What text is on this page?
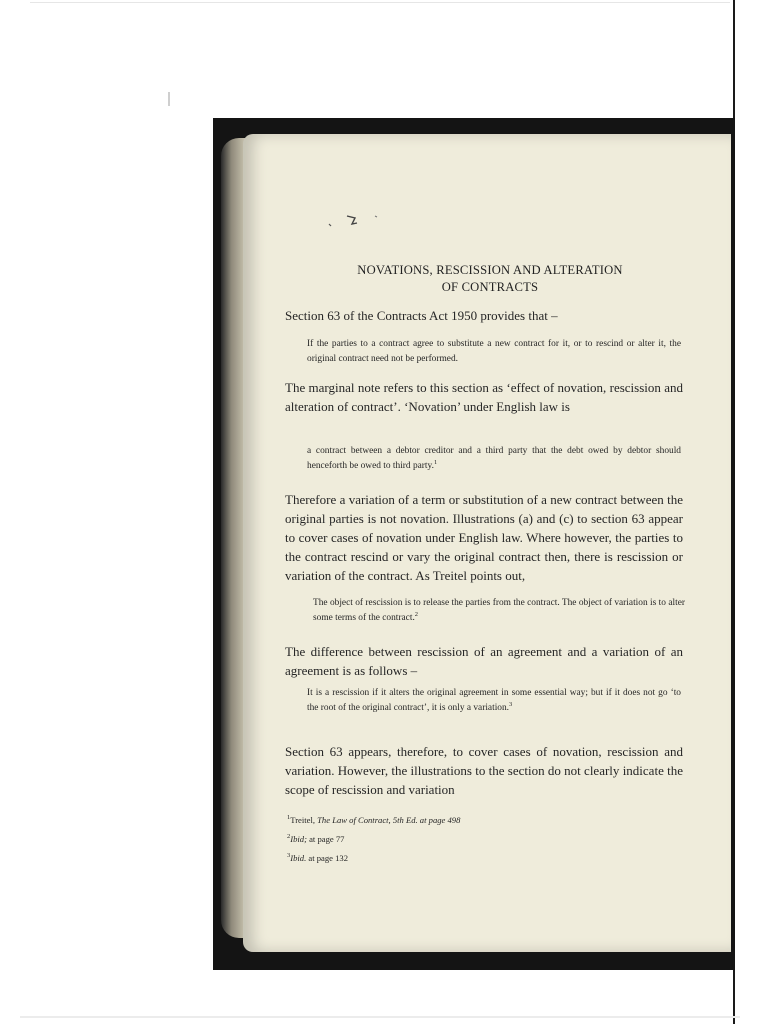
NOVATIONS, RESCISSION AND ALTERATION
OF CONTRACTS

Section 63 of the Contracts Act 1950 provides that –

If the parties to a contract agree to substitute a new contract for it, or to rescind or alter it, the original contract need not be performed.

The marginal note refers to this section as ‘effect of novation, rescission and alteration of contract’. ‘Novation’ under English law is

a contract between a debtor creditor and a third party that the debt owed by debtor should henceforth be owed to third party.$^1$

Therefore a variation of a term or substitution of a new contract between the original parties is not novation. Illustrations (a) and (c) to section 63 appear to cover cases of novation under English law. Where however, the parties to the contract rescind or vary the original contract then, there is rescission or variation of the contract. As Treitel points out,

The object of rescission is to release the parties from the contract. The object of variation is to alter some terms of the contract.$^2$

The difference between rescission of an agreement and a variation of an agreement is as follows –

It is a rescission if it alters the original agreement in some essential way; but if it does not go ‘to the root of the original contract’, it is only a variation.$^3$

Section 63 appears, therefore, to cover cases of novation, rescission and variation. However, the illustrations to the section do not clearly indicate the scope of rescission and variation

$^1$Treitel, The Law of Contract, 5th Ed. at page 498
$^2$Ibid; at page 77
$^3$Ibid. at page 132
